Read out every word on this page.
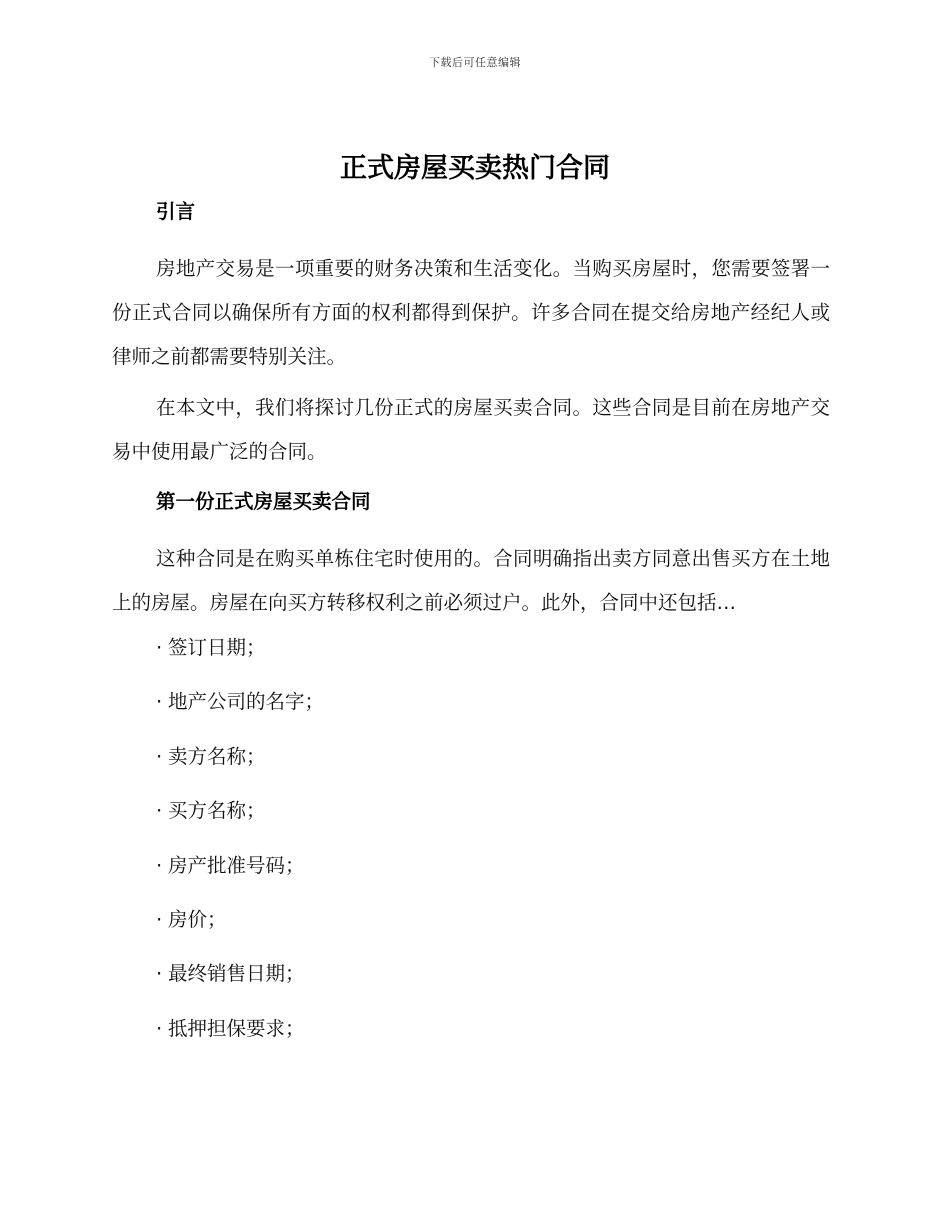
下载后可任意编辑
正式房屋买卖热门合同
引言

房地产交易是一项重要的财务决策和生活变化。当购买房屋时，您需要签署一份正式合同以确保所有方面的权利都得到保护。许多合同在提交给房地产经纪人或律师之前都需要特别关注。

在本文中，我们将探讨几份正式的房屋买卖合同。这些合同是目前在房地产交易中使用最广泛的合同。

第一份正式房屋买卖合同

这种合同是在购买单栋住宅时使用的。合同明确指出卖方同意出售买方在土地上的房屋。房屋在向买方转移权利之前必须过户。此外，合同中还包括…

· 签订日期；
· 地产公司的名字；
· 卖方名称；
· 买方名称；
· 房产批准号码；
· 房价；
· 最终销售日期；
· 抵押担保要求；
